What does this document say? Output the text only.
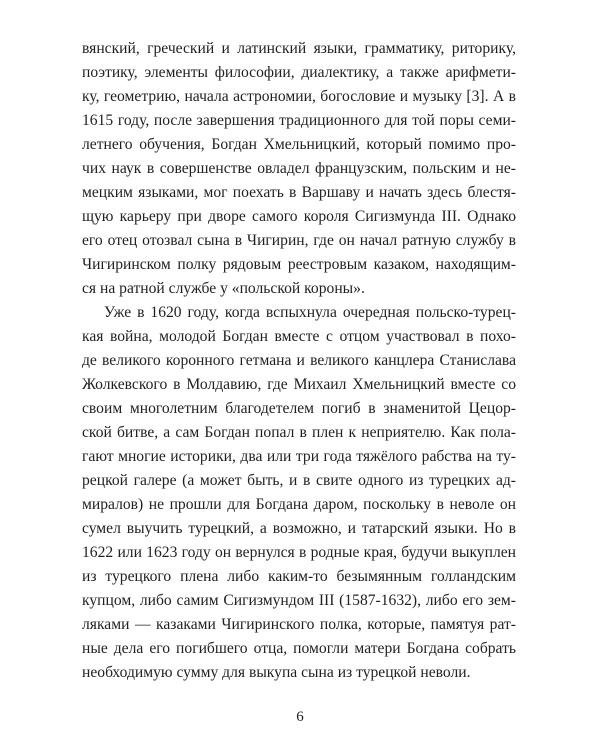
вянский, греческий и латинский языки, грамматику, риторику,
поэтику, элементы философии, диалектику, а также арифмети-
ку, геометрию, начала астрономии, богословие и музыку [3]. А в
1615 году, после завершения традиционного для той поры семи-
летнего обучения, Богдан Хмельницкий, который помимо про-
чих наук в совершенстве овладел французским, польским и не-
мецким языками, мог поехать в Варшаву и начать здесь блестя-
щую карьеру при дворе самого короля Сигизмунда III. Однако
его отец отозвал сына в Чигирин, где он начал ратную службу в
Чигиринском полку рядовым реестровым казаком, находящим-
ся на ратной службе у «польской короны».
Уже в 1620 году, когда вспыхнула очередная польско-турец-
кая война, молодой Богдан вместе с отцом участвовал в похо-
де великого коронного гетмана и великого канцлера Станислава
Жолкевского в Молдавию, где Михаил Хмельницкий вместе со
своим многолетним благодетелем погиб в знаменитой Цецор-
ской битве, а сам Богдан попал в плен к неприятелю. Как пола-
гают многие историки, два или три года тяжёлого рабства на ту-
рецкой галере (а может быть, и в свите одного из турецких ад-
миралов) не прошли для Богдана даром, поскольку в неволе он
сумел выучить турецкий, а возможно, и татарский языки. Но в
1622 или 1623 году он вернулся в родные края, будучи выкуплен
из турецкого плена либо каким-то безымянным голландским
купцом, либо самим Сигизмундом III (1587-1632), либо его зем-
ляками — казаками Чигиринского полка, которые, памятуя рат-
ные дела его погибшего отца, помогли матери Богдана собрать
необходимую сумму для выкупа сына из турецкой неволи.
6
